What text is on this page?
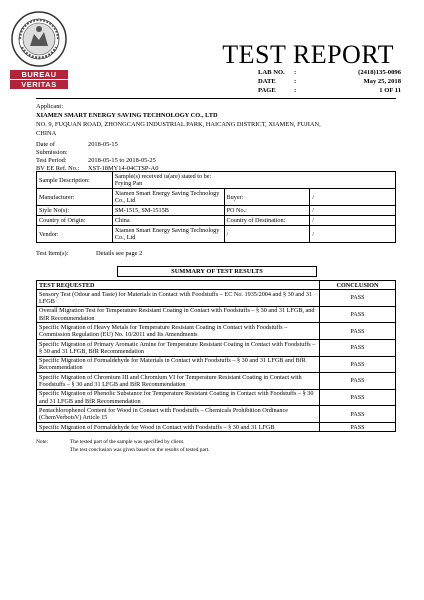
BUREAU
VERITAS
TEST REPORT
LAB NO.	:	(2418)135-0096
DATE	:	May 25, 2018
PAGE	:	1 OF 11
Applicant:
XIAMEN SMART ENERGY SAVING TECHNOLOGY CO., LTD
NO. 9, FUQUAN ROAD, ZHONGCANG INDUSTRIAL PARK, HAICANG DISTRICT, XIAMEN, FUJIAN,
CHINA
Date of Submission:
2018-05-15
Test Period:	2018-05-15 to 2018-05-25
BV EE Ref. No.:	XST-18MY14-04CTSP-A0
Sample Description:	Sample(s) received is(are) stated to be:
Frying Pan		

Manufacturer:	Xiamen Smart Energy Saving Technology Co., Ltd	Buyer:	/
Style No(s):	SM-1515, SM-1515B	PO No.:	/
Country of Origin:	China	Country of Destination:	/
Vendor:	Xiamen Smart Energy Saving Technology Co., Ltd	/	/
Test Item(s):	Details see page 2
SUMMARY OF TEST RESULTS
TEST REQUESTED	CONCLUSION
Sensory Test (Odour and Taste) for Materials in Contact with Foodstuffs – EC No. 1935/2004 and § 30 and 31 LFGB	PASS
Overall Migration Test for Temperature Resistant Coating in Contact with Foodstuffs – § 30 and 31 LFGB, and BfR Recommendation	PASS
Specific Migration of Heavy Metals for Temperature Resistant Coating in Contact with Foodstuffs – Commission Regulation (EU) No. 10/2011 and Its Amendments	PASS
Specific Migration of Primary Aromatic Amine for Temperature Resistant Coating in Contact with Foodstuffs – § 30 and 31 LFGB, BfR Recommendation	PASS
Specific Migration of Formaldehyde for Materials in Contact with Foodstuffs – § 30 and 31 LFGB and BfR Recommendation	PASS
Specific Migration of Chromium III and Chromium VI for Temperature Resistant Coating in Contact with Foodstuffs – § 30 and 31 LFGB and BfR Recommendation	PASS
Specific Migration of Phenolic Substance for Temperature Resistant Coating in Contact with Foodstuffs – § 30 and 31 LFGB and BfR Recommendation	PASS
Pentachlorophenol Content for Wood in Contact with Foodstuffs – Chemicals Prohibition Ordinance (ChemVerbotsV) Article 15	PASS
Specific Migration of Formaldehyde for Wood in Contact with Foodstuffs – § 30 and 31 LFGB	PASS
Note:	The tested part of the sample was specified by client.
The test conclusion was given based on the results of tested part.
